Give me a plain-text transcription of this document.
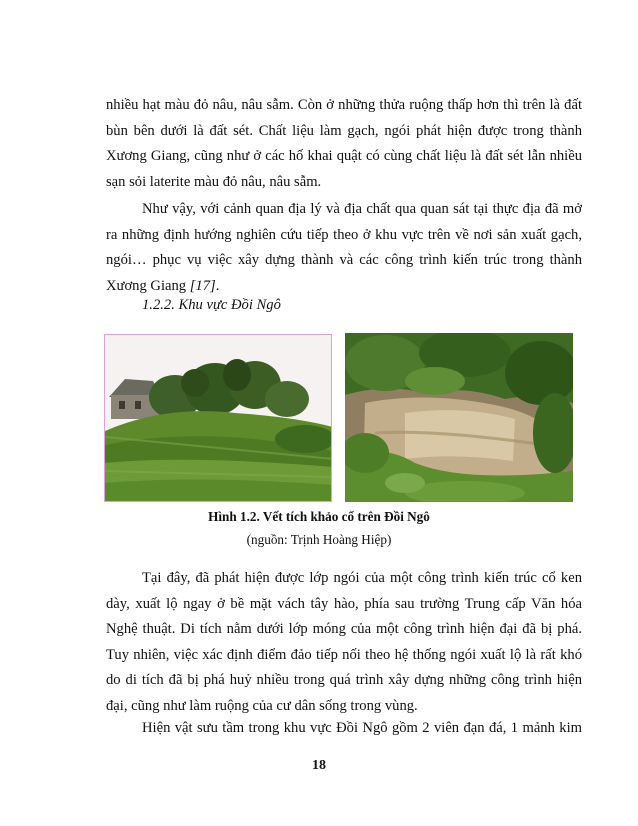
nhiều hạt màu đỏ nâu, nâu sẫm. Còn ở những thửa ruộng thấp hơn thì trên là đất
bùn bên dưới là đất sét. Chất liệu làm gạch, ngói phát hiện được trong thành
Xương Giang, cũng như ở các hố khai quật có cùng chất liệu là đất sét lẫn nhiều
sạn sỏi laterite màu đỏ nâu, nâu sẫm.
Như vậy, với cảnh quan địa lý và địa chất qua quan sát tại thực địa đã mở
ra những định hướng nghiên cứu tiếp theo ở khu vực trên về nơi sản xuất gạch,
ngói… phục vụ việc xây dựng thành và các công trình kiến trúc trong thành
Xương Giang [17].
1.2.2. Khu vực Đồi Ngô
Hình 1.2. Vết tích khảo cổ trên Đồi Ngô
(nguồn: Trịnh Hoàng Hiệp)
Tại đây, đã phát hiện được lớp ngói của một công trình kiến trúc cổ ken
dày, xuất lộ ngay ở bề mặt vách tây hào, phía sau trường Trung cấp Văn hóa
Nghệ thuật. Di tích nằm dưới lớp móng của một công trình hiện đại đã bị phá.
Tuy nhiên, việc xác định điểm đảo tiếp nối theo hệ thống ngói xuất lộ là rất khó
do di tích đã bị phá huỷ nhiều trong quá trình xây dựng những công trình hiện
đại, cũng như làm ruộng của cư dân sống trong vùng.
Hiện vật sưu tầm trong khu vực Đồi Ngô gồm 2 viên đạn đá, 1 mảnh kim
18
